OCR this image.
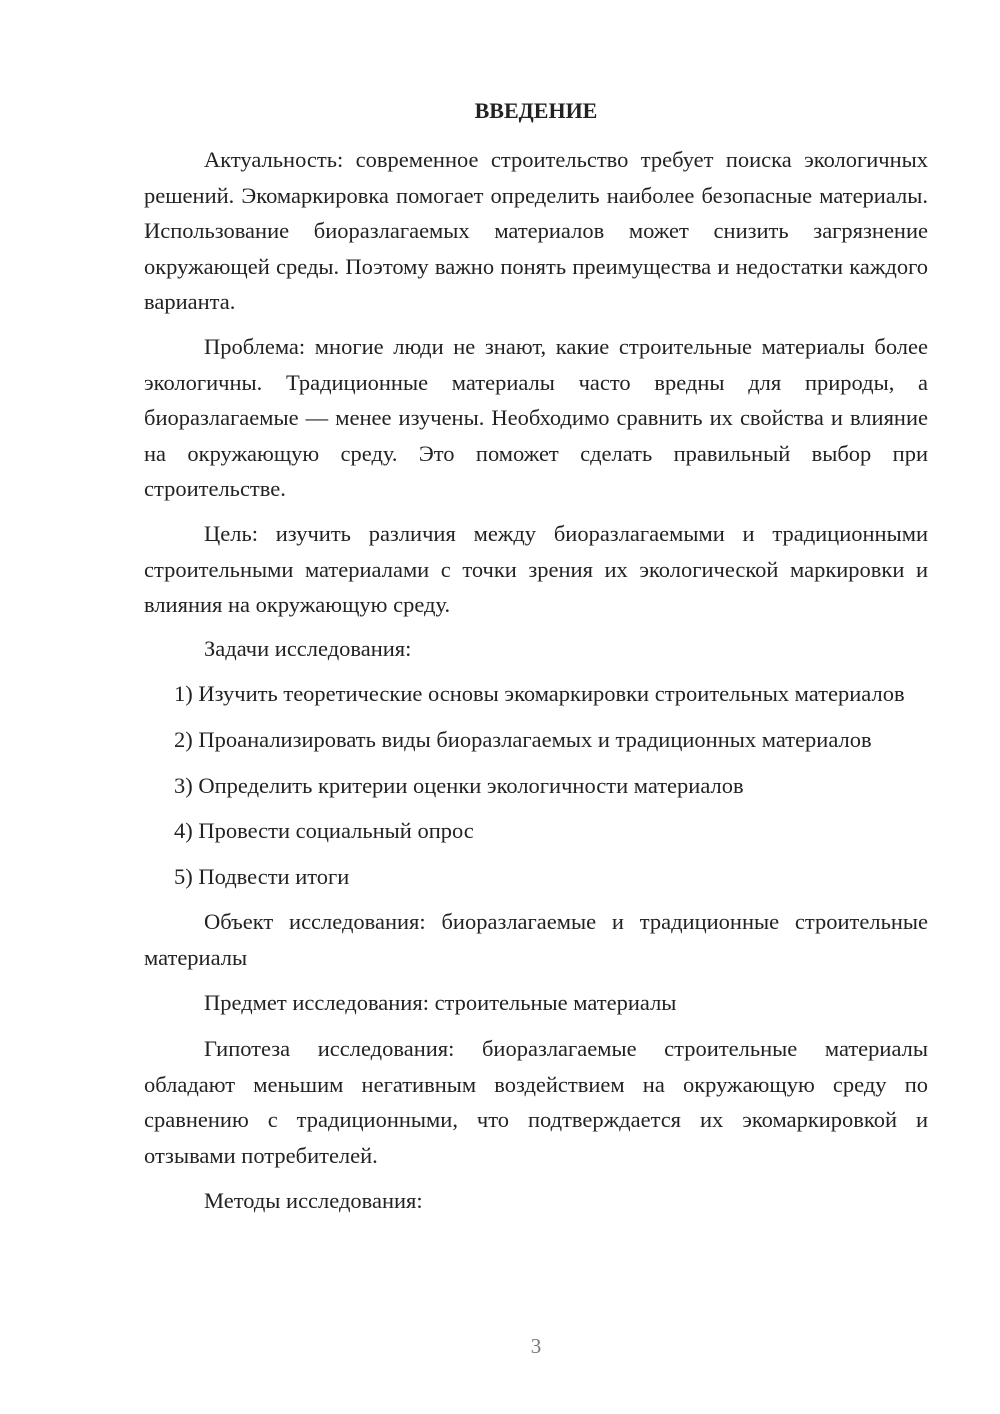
ВВЕДЕНИЕ

Актуальность: современное строительство требует поиска экологичных решений. Экомаркировка помогает определить наиболее безопасные материалы. Использование биоразлагаемых материалов может снизить загрязнение окружающей среды. Поэтому важно понять преимущества и недостатки каждого варианта.

Проблема: многие люди не знают, какие строительные материалы более экологичны. Традиционные материалы часто вредны для природы, а биоразлагаемые — менее изучены. Необходимо сравнить их свойства и влияние на окружающую среду. Это поможет сделать правильный выбор при строительстве.

Цель: изучить различия между биоразлагаемыми и традиционными строительными материалами с точки зрения их экологической маркировки и влияния на окружающую среду.

Задачи исследования:

1) Изучить теоретические основы экомаркировки строительных материалов

2) Проанализировать виды биоразлагаемых и традиционных материалов

3) Определить критерии оценки экологичности материалов

4) Провести социальный опрос

5) Подвести итоги

Объект исследования: биоразлагаемые и традиционные строительные материалы

Предмет исследования: строительные материалы

Гипотеза исследования: биоразлагаемые строительные материалы обладают меньшим негативным воздействием на окружающую среду по сравнению с традиционными, что подтверждается их экомаркировкой и отзывами потребителей.

Методы исследования:

3
